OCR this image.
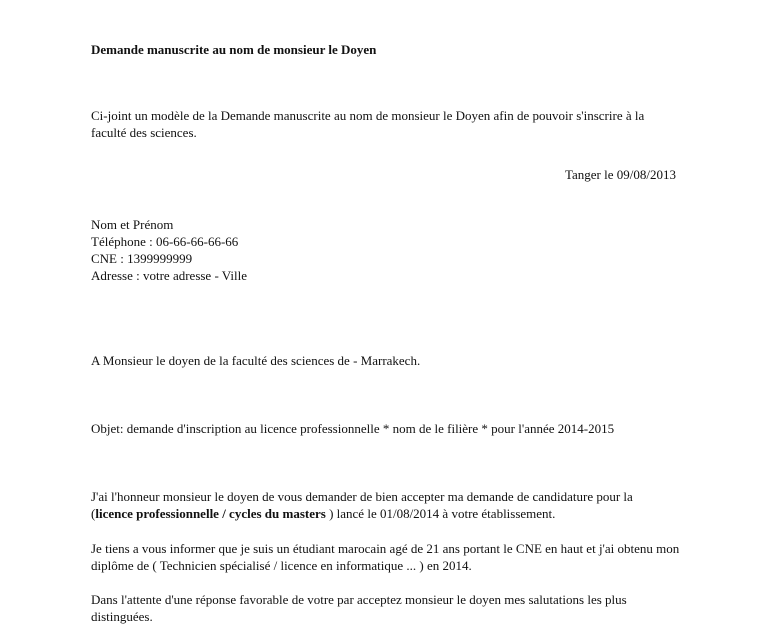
Demande manuscrite au nom de monsieur le Doyen
Ci-joint un modèle de la Demande manuscrite au nom de monsieur le Doyen afin de pouvoir s'inscrire à la
faculté des sciences.
Tanger le 09/08/2013
Nom et Prénom
Téléphone : 06-66-66-66-66
CNE : 1399999999
Adresse : votre adresse - Ville
A Monsieur le doyen de la faculté des sciences de - Marrakech.
Objet: demande d'inscription au licence professionnelle * nom de le filière * pour l'année 2014-2015
J'ai l'honneur monsieur le doyen de vous demander de bien accepter ma demande de candidature pour la
(licence professionnelle / cycles du masters ) lancé le 01/08/2014 à votre établissement.
Je tiens a vous informer que je suis un étudiant marocain agé de 21 ans portant le CNE en haut et j'ai obtenu mon
diplôme de ( Technicien spécialisé / licence en informatique ... ) en 2014.
Dans l'attente d'une réponse favorable de votre par acceptez monsieur le doyen mes salutations les plus
distinguées.
